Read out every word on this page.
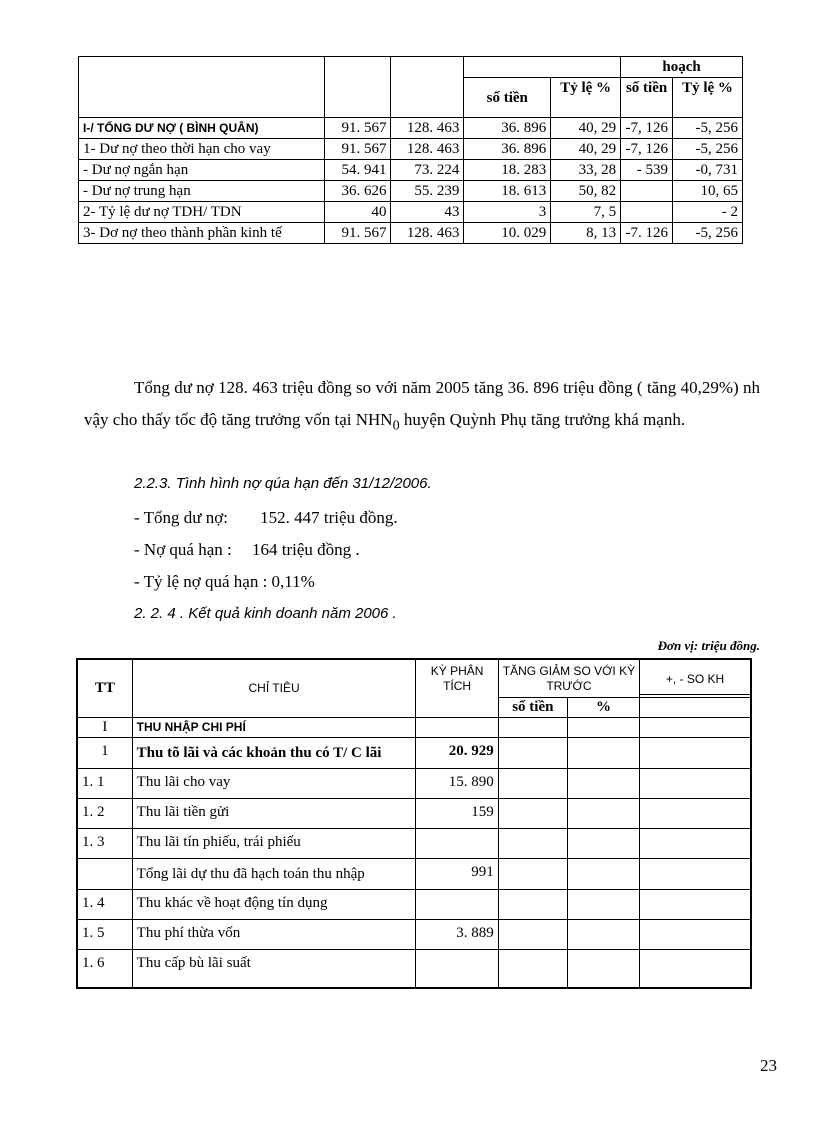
					hoạch	
			số tiền	Tỷ lệ %	số tiền	Tỷ lệ %

I-/ TỔNG DƯ NỢ ( BÌNH QUÂN)	91. 567	128. 463	36. 896	40, 29	-7, 126	-5, 256
1- Dư nợ theo thời hạn cho vay	91. 567	128. 463	36. 896	40, 29	-7, 126	-5, 256
- Dư nợ ngắn hạn	54. 941	73. 224	18. 283	33, 28	- 539	-0, 731
- Dư nợ trung hạn	36. 626	55. 239	18. 613	50, 82		10, 65
2- Tỷ lệ dư nợ TDH/ TDN	40	43	3	7, 5		- 2
3- Dơ nợ theo thành phần kinh tế	91. 567	128. 463	10. 029	8, 13	-7. 126	-5, 256
Tổng dư nợ 128. 463 triệu đồng so với năm 2005 tăng 36. 896 triệu đồng ( tăng 40,29%) nh vậy cho thấy tốc độ tăng trưởng vốn tại $NHN_0$ huyện Quỳnh Phụ tăng trưởng khá mạnh.
2.2.3. Tình hình nợ qúa hạn đến 31/12/2006.
- Tổng dư nợ: 152. 447 triệu đồng.
- Nợ quá hạn : 164 triệu đồng .
- Tỷ lệ nợ quá hạn : 0,11%
2. 2. 4 . Kết quả kinh doanh năm 2006 .
Đơn vị: triệu đồng.
TT	CHỈ TIÊU	KỲ PHÂN TÍCH	TĂNG GIẢM SO VỚI KỲ TRƯỚC		+, - SO KH

			số tiền	%	
I	THU NHẬP CHI PHÍ				
1	Thu tõ lãi và các khoản thu có T/ C lãi	20. 929			
1. 1	Thu lãi cho vay	15. 890			
1. 2	Thu lãi tiền gửi	159			
1. 3	Thu lãi tín phiếu, trái phiếu				
	Tổng lãi dự thu đã hạch toán thu nhập	991			
1. 4	Thu khác về hoạt động tín dụng				
1. 5	Thu phí thừa vốn	3. 889			
1. 6	Thu cấp bù lãi suất				
23
